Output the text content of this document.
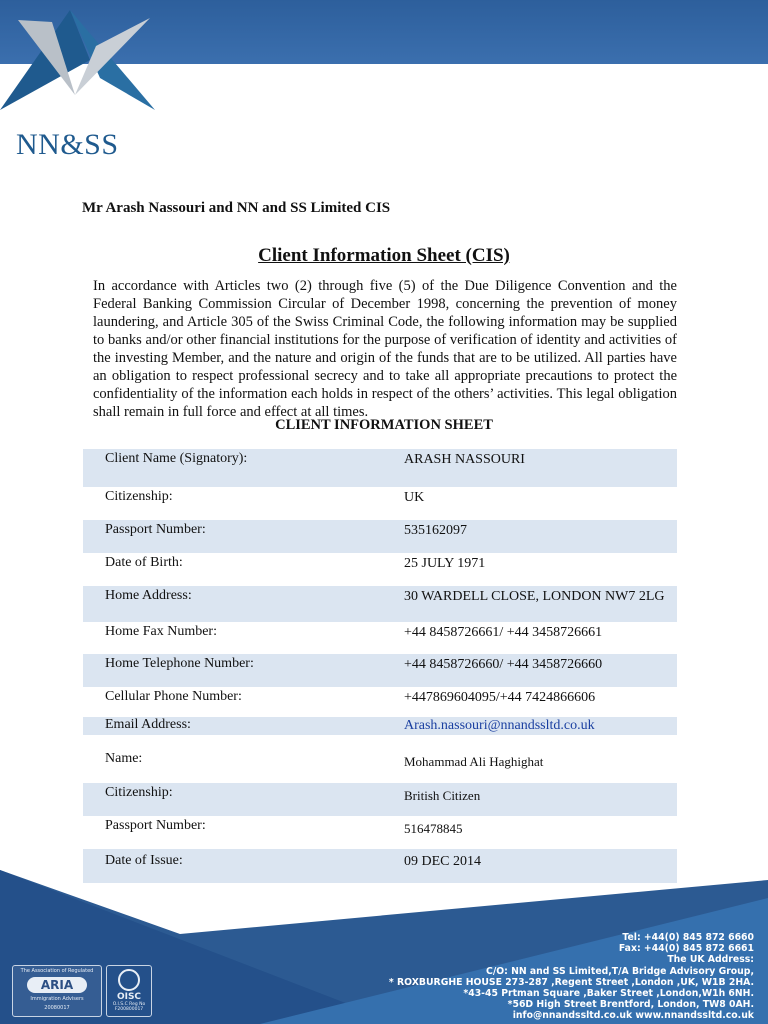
NN&SS
Mr Arash Nassouri and NN and SS Limited CIS
Client Information Sheet (CIS)
In accordance with Articles two (2) through five (5) of the Due Diligence Convention and the Federal Banking Commission Circular of December 1998, concerning the prevention of money laundering, and Article 305 of the Swiss Criminal Code, the following information may be supplied to banks and/or other financial institutions for the purpose of verification of identity and activities of the investing Member, and the nature and origin of the funds that are to be utilized. All parties have an obligation to respect professional secrecy and to take all appropriate precautions to protect the confidentiality of the information each holds in respect of the others’ activities. This legal obligation shall remain in full force and effect at all times.
CLIENT INFORMATION SHEET
Client Name (Signatory):	ARASH NASSOURI
Citizenship:	UK
Passport Number:	535162097
Date of Birth:	25 JULY 1971
Home Address:	30 WARDELL CLOSE, LONDON NW7 2LG
Home Fax Number:	+44 8458726661/ +44 3458726661
Home Telephone Number:	+44 8458726660/ +44 3458726660
Cellular Phone Number:	+447869604095/+44 7424866606
Email Address:	Arash.nassouri@nnandssltd.co.uk
Name:	Mohammad Ali Haghighat
Citizenship:	British Citizen
Passport Number:	516478845
Date of Issue:	09 DEC 2014
The Association of Regulated
ARIA
Immigration Advisers
20080017
OISC
O.I.S.C Reg No
F200800017
Tel: +44(0) 845 872 6660
Fax: +44(0) 845 872 6661
The UK Address:
C/O: NN and SS Limited,T/A Bridge Advisory Group,
* ROXBURGHE HOUSE 273-287 ,Regent Street ,London ,UK, W1B 2HA.
*43-45 Prtman Square ,Baker Street ,London,W1h 6NH.
*56D High Street Brentford, London, TW8 0AH.
info@nnandssltd.co.uk www.nnandssltd.co.uk
